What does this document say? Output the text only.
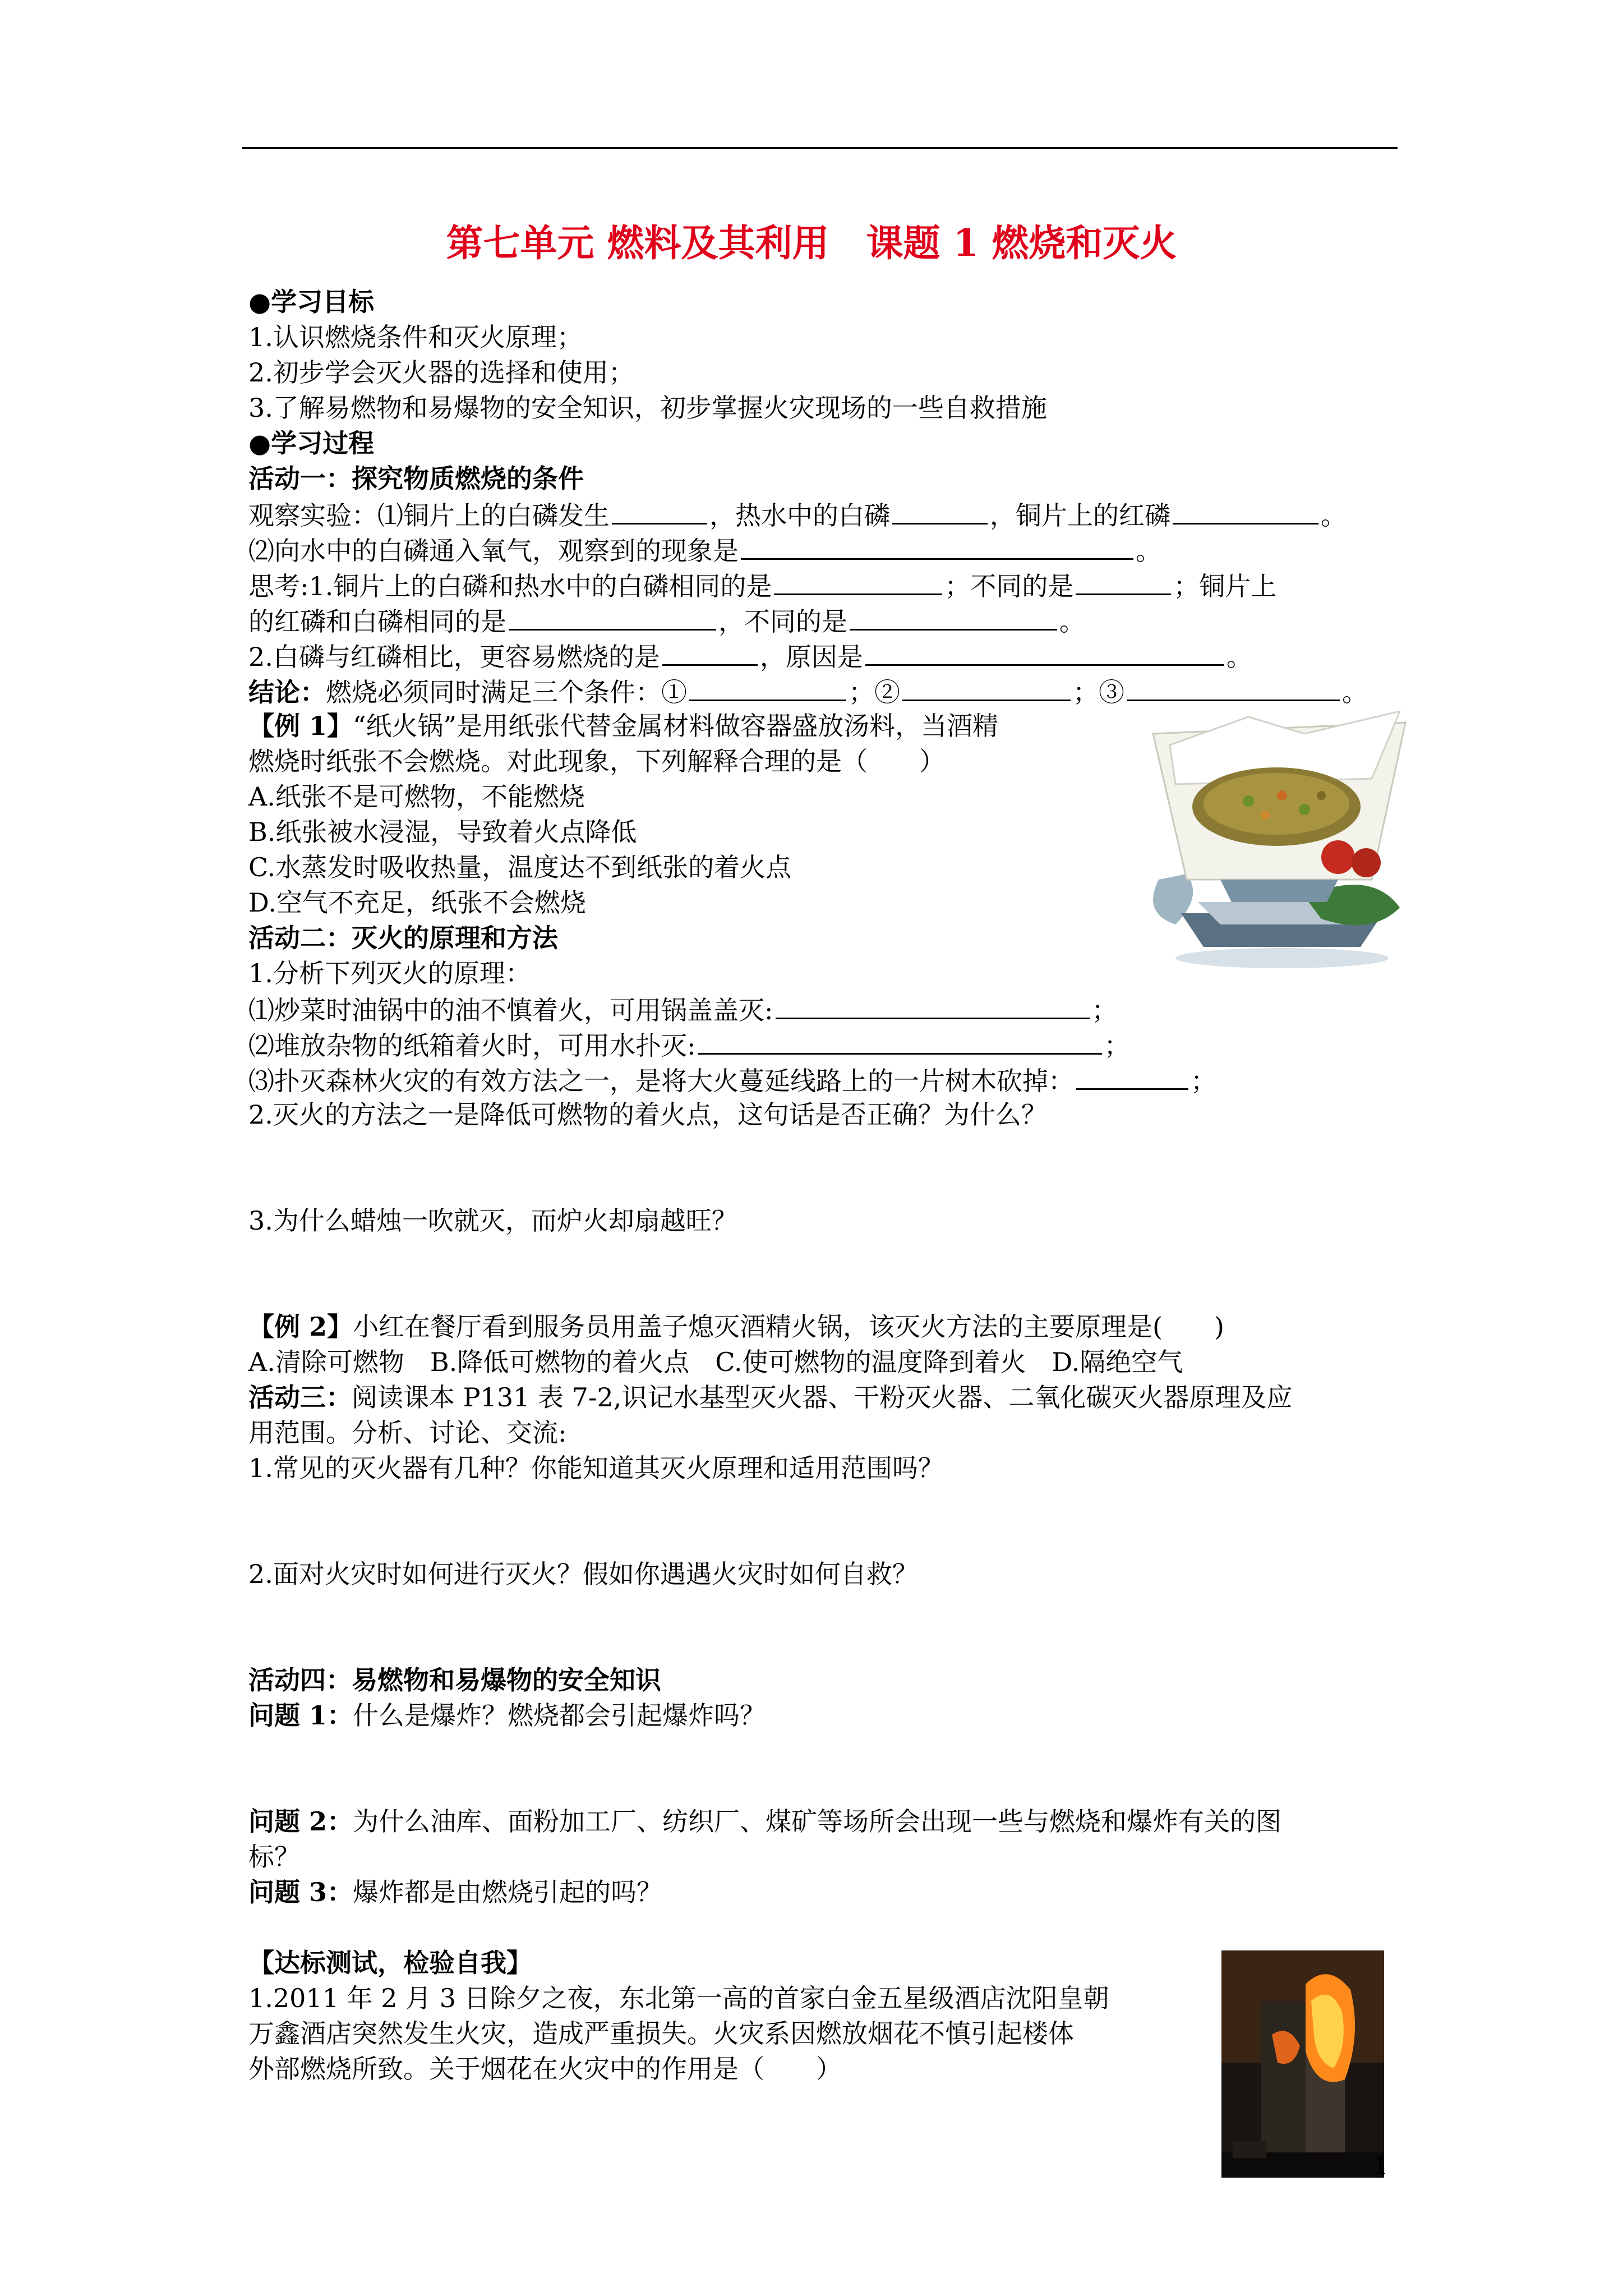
第七单元 燃料及其利用　课题 1 燃烧和灭火
●学习目标
1.认识燃烧条件和灭火原理；
2.初步学会灭火器的选择和使用；
3.了解易燃物和易爆物的安全知识，初步掌握火灾现场的一些自救措施
●学习过程
活动一：探究物质燃烧的条件
观察实验：⑴铜片上的白磷发生	，热水中的白磷	，铜片上的红磷	。
⑵向水中的白磷通入氧气，观察到的现象是	。
思考:1.铜片上的白磷和热水中的白磷相同的是	；不同的是	；铜片上
的红磷和白磷相同的是	，不同的是	。
2.白磷与红磷相比，更容易燃烧的是	，原因是	。
结论：燃烧必须同时满足三个条件：①	；②	；③	。
【例 1】“纸火锅”是用纸张代替金属材料做容器盛放汤料，当酒精
燃烧时纸张不会燃烧。对此现象，下列解释合理的是（　　）
A.纸张不是可燃物，不能燃烧
B.纸张被水浸湿，导致着火点降低
C.水蒸发时吸收热量，温度达不到纸张的着火点
D.空气不充足，纸张不会燃烧
活动二：灭火的原理和方法
1.分析下列灭火的原理：
⑴炒菜时油锅中的油不慎着火，可用锅盖盖灭:	；
⑵堆放杂物的纸箱着火时，可用水扑灭:	；
⑶扑灭森林火灾的有效方法之一，是将大火蔓延线路上的一片树木砍掉：	；
2.灭火的方法之一是降低可燃物的着火点，这句话是否正确？为什么？
3.为什么蜡烛一吹就灭，而炉火却扇越旺？
【例 2】小红在餐厅看到服务员用盖子熄灭酒精火锅，该灭火方法的主要原理是(　　)
A.清除可燃物　B.降低可燃物的着火点　C.使可燃物的温度降到着火　D.隔绝空气
活动三：阅读课本 P131 表 7-2,识记水基型灭火器、干粉灭火器、二氧化碳灭火器原理及应
用范围。分析、讨论、交流:
1.常见的灭火器有几种？你能知道其灭火原理和适用范围吗？
2.面对火灾时如何进行灭火？假如你遇遇火灾时如何自救？
活动四：易燃物和易爆物的安全知识
问题 1：什么是爆炸？燃烧都会引起爆炸吗？
问题 2：为什么油库、面粉加工厂、纺织厂、煤矿等场所会出现一些与燃烧和爆炸有关的图
标？
问题 3：爆炸都是由燃烧引起的吗？
【达标测试，检验自我】
1.2011 年 2 月 3 日除夕之夜，东北第一高的首家白金五星级酒店沈阳皇朝
万鑫酒店突然发生火灾，造成严重损失。火灾系因燃放烟花不慎引起楼体
外部燃烧所致。关于烟花在火灾中的作用是（　　）
1
